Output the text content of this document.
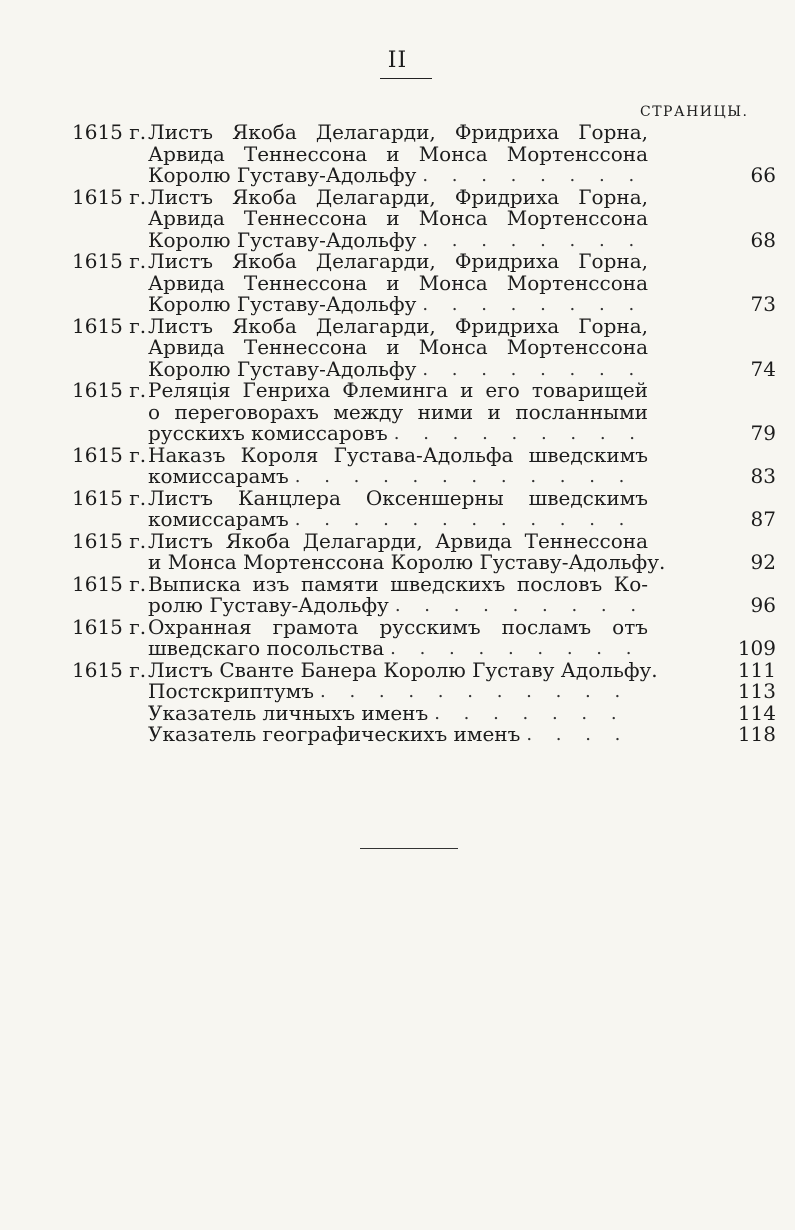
II
СТРАНИЦЫ.
1615 г. Листъ Якоба Делагарди, Фридриха Горна,
Арвида Теннессона и Монса Мортенссона
66
Королю Густаву-Адольфу
. . .
1615 г. Листъ Якоба Делагарди, Фридриха Горна,
Арвида Теннессона и Монса Мортенссона
68
Королю Густаву-Адольфу
. . .
1615 г. Листъ Якоба Делагарди, Фридриха Горна,
Арвида Теннессона и Монса Мортенссона
73
Королю Густаву-Адольфу
. . .
1615 г. Листъ Якоба Делагарди, Фридриха Горна,
Арвида Теннессона и Монса Мортенссона
74
Королю Густаву-Адольфу
. . .
1615 г. Реляція Генриха Флеминга и его товарищей
о переговорахъ между ними и посланными
79
русскихъ комиссаровъ
. . .
1615 г. Наказъ Короля Густава-Адольфа шведскимъ
83
комиссарамъ
. . .
1615 г. Листъ Канцлера Оксеншерны шведскимъ
87
комиссарамъ
. . .
1615 г. Листъ Якоба Делагарди, Арвида Теннессона
92
и Монса Мортенссона Королю Густаву-Адольфу.
1615 г. Выписка изъ памяти шведскихъ пословъ Ко-
96
ролю Густаву-Адольфу
. . .
1615 г. Охранная грамота русскимъ посламъ отъ
109
шведскаго посольства
. . .
1615 г.	111
Листъ Сванте Банера Королю Густаву Адольфу.
113
Постскриптумъ
. . .
114
Указатель личныхъ именъ
. . .
118
Указатель географическихъ именъ
. . .
